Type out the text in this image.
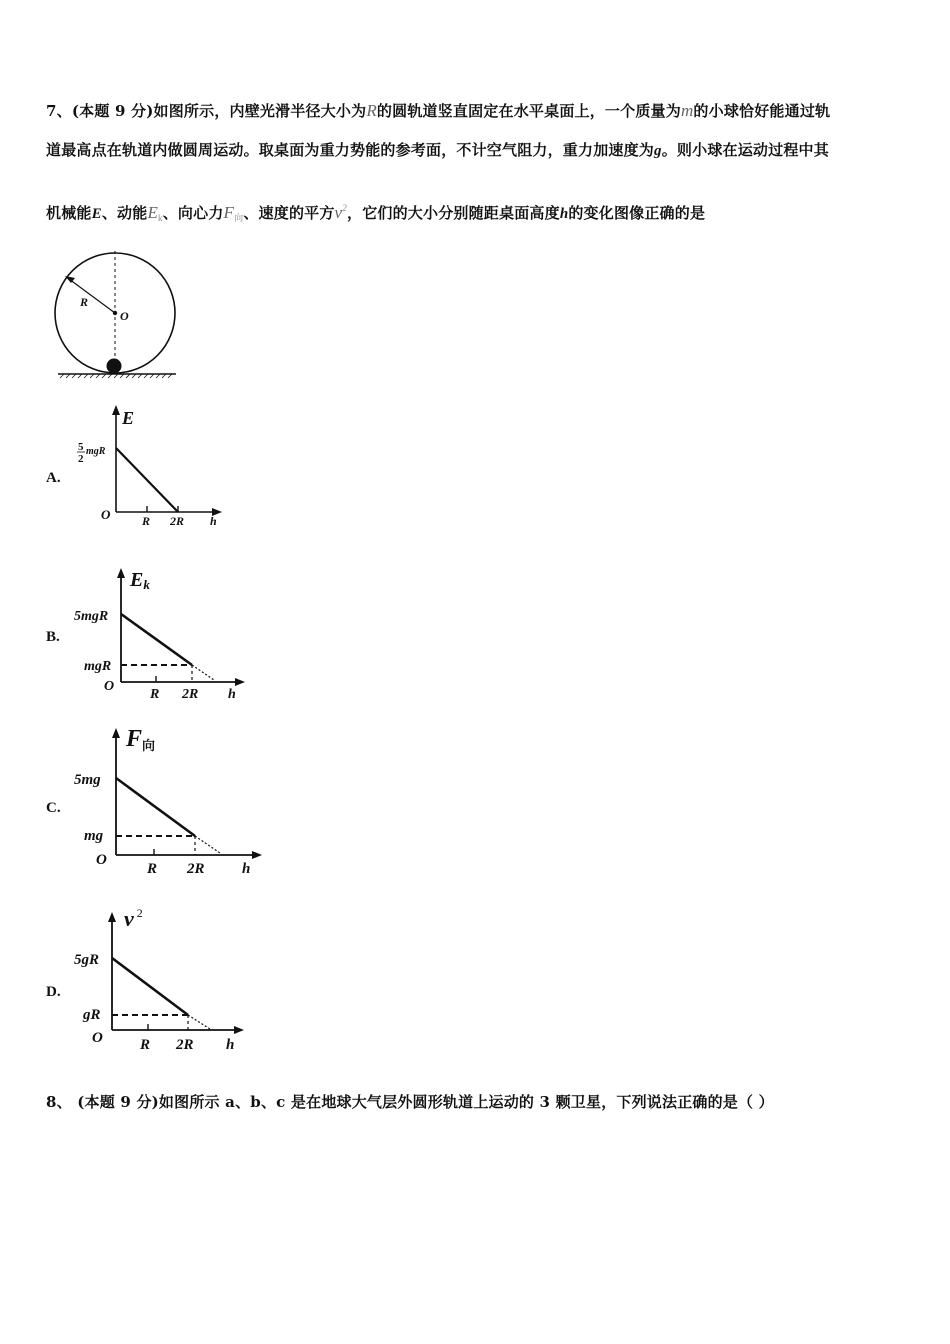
7、(本题 9 分)如图所示，内壁光滑半径大小为R的圆轨道竖直固定在水平桌面上，一个质量为m的小球恰好能通过轨
道最高点在轨道内做圆周运动。取桌面为重力势能的参考面，不计空气阻力，重力加速度为g。则小球在运动过程中其
机械能E、动能$E_k$、向心力$F_向$、速度的平方$v^2$，它们的大小分别随距桌面高度h的变化图像正确的是
R
O
A.
E
5
2
mgR
O	R 2R h
B.
Ek
5mgR
mgR
O
R 2R h
C.
F向
5mg
mg
O
R 2R h
D.
v $^2$
5gR
gR
O R 2R h
8、 (本题 9 分)如图所示 a、b、c 是在地球大气层外圆形轨道上运动的 3 颗卫星，下列说法正确的是（ ）
